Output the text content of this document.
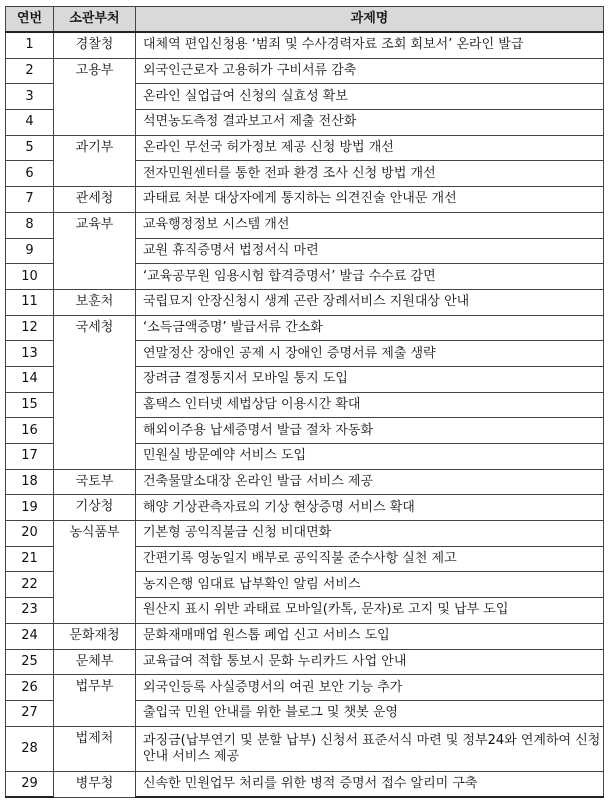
연번	소관부처	과제명
1	경찰청	대체역 편입신청용 ‘범죄 및 수사경력자료 조회 회보서’ 온라인 발급
2	고용부	외국인근로자 고용허가 구비서류 감축
3		온라인 실업급여 신청의 실효성 확보
4		석면농도측정 결과보고서 제출 전산화
5	과기부	온라인 무선국 허가정보 제공 신청 방법 개선
6		전자민원센터를 통한 전파 환경 조사 신청 방법 개선
7	관세청	과태료 처분 대상자에게 통지하는 의견진술 안내문 개선
8	교육부	교육행정정보 시스템 개선
9		교원 휴직증명서 법정서식 마련
10		‘교육공무원 임용시험 합격증명서’ 발급 수수료 감면
11	보훈처	국립묘지 안장신청시 생계 곤란 장례서비스 지원대상 안내
12	국세청	‘소득금액증명’ 발급서류 간소화
13		연말정산 장애인 공제 시 장애인 증명서류 제출 생략
14		장려금 결정통지서 모바일 통지 도입
15		홈택스 인터넷 세법상담 이용시간 확대
16		해외이주용 납세증명서 발급 절차 자동화
17		민원실 방문예약 서비스 도입
18	국토부	건축물말소대장 온라인 발급 서비스 제공
19	기상청	해양 기상관측자료의 기상 현상증명 서비스 확대
20	농식품부	기본형 공익직불금 신청 비대면화
21		간편기록 영농일지 배부로 공익직불 준수사항 실천 제고
22		농지은행 임대료 납부확인 알림 서비스
23		원산지 표시 위반 과태료 모바일(카톡, 문자)로 고지 및 납부 도입
24	문화재청	문화재매매업 원스톱 폐업 신고 서비스 도입
25	문체부	교육급여 적합 통보시 문화 누리카드 사업 안내
26	법무부	외국인등록 사실증명서의 여권 보안 기능 추가
27		출입국 민원 안내를 위한 블로그 및 챗봇 운영
28	법제처	과징금(납부연기 및 분할 납부) 신청서 표준서식 마련 및 정부24와 연계하여 신청 안내 서비스 제공
29	병무청	신속한 민원업무 처리를 위한 병적 증명서 접수 알리미 구축
